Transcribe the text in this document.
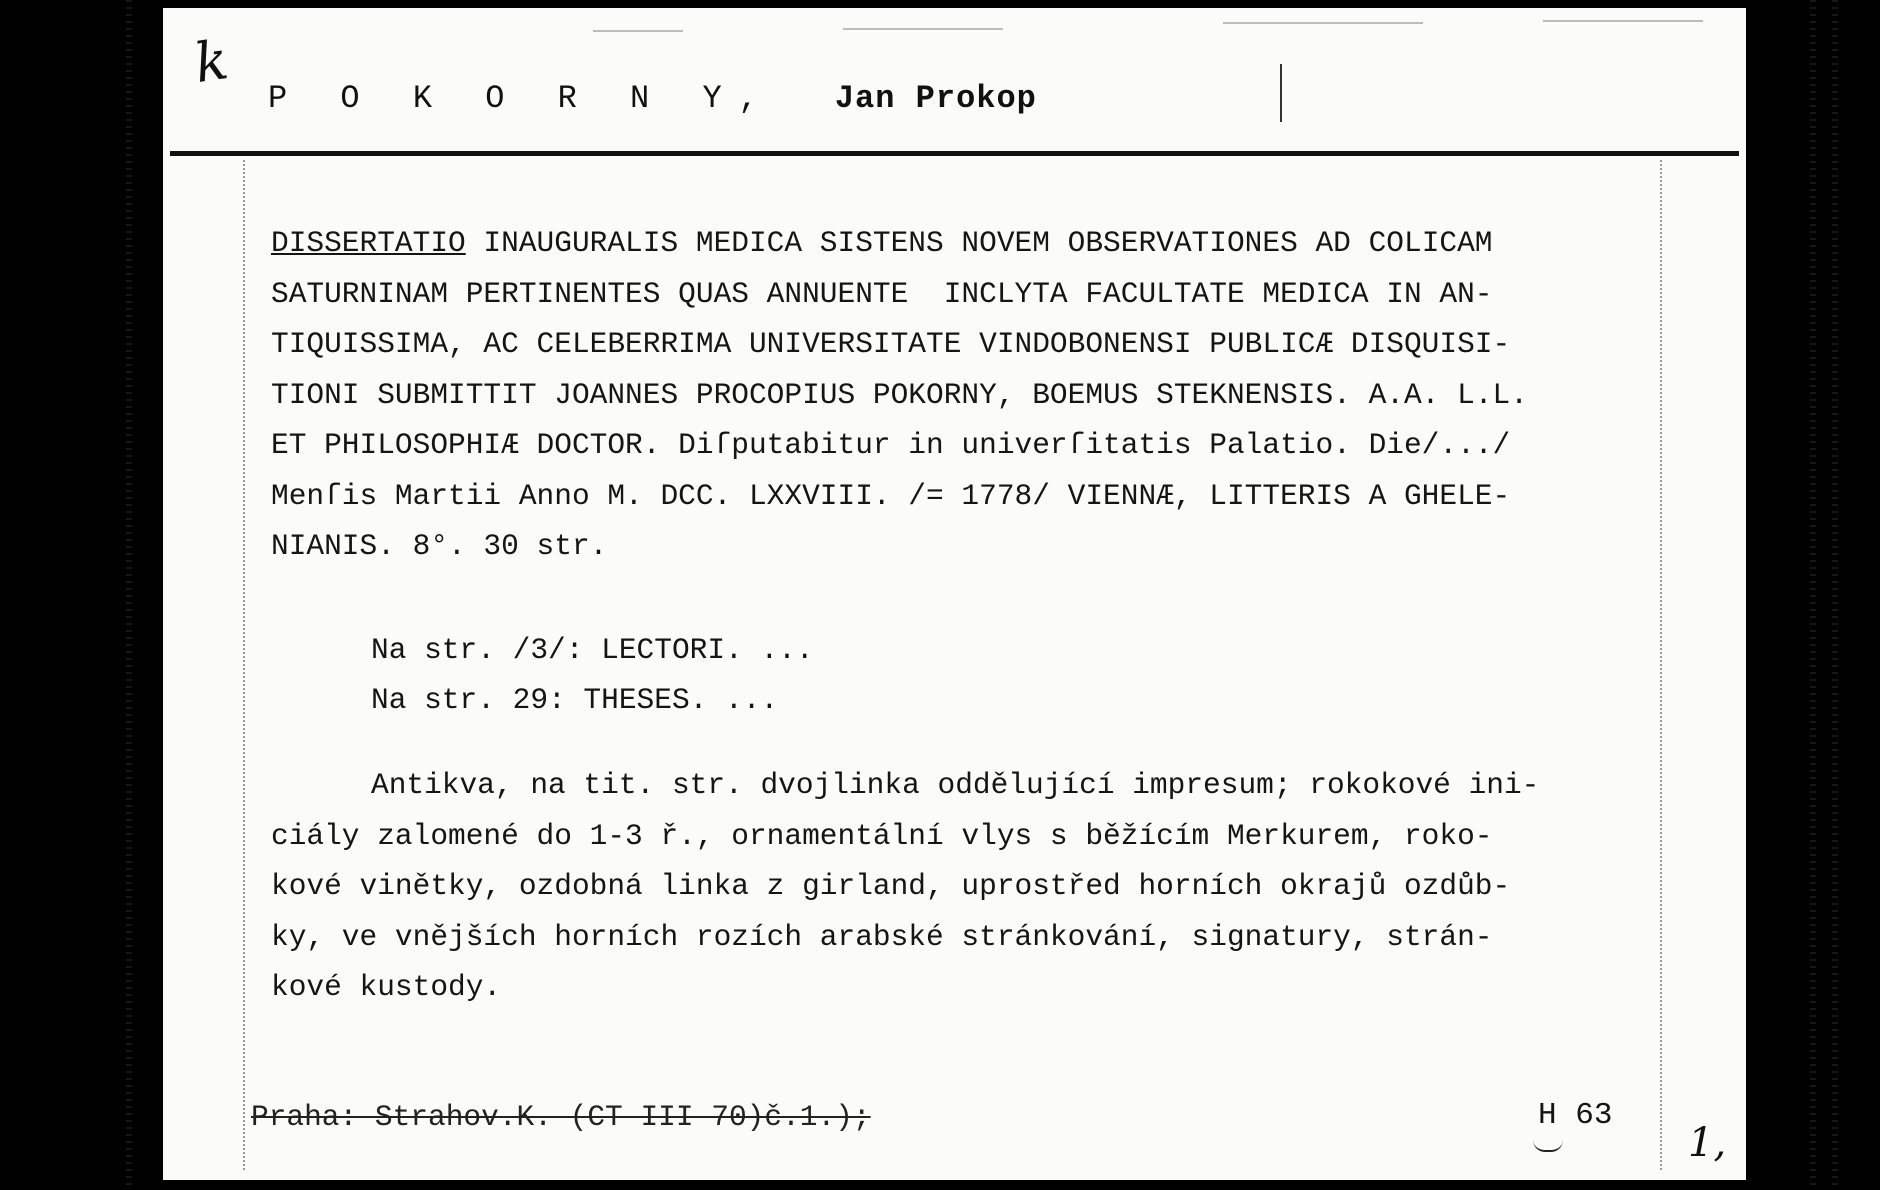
k
P O K O R N Y, Jan Prokop
DISSERTATIO INAUGURALIS MEDICA SISTENS NOVEM OBSERVATIONES AD COLICAM
SATURNINAM PERTINENTES QUAS ANNUENTE  INCLYTA FACULTATE MEDICA IN AN-
TIQUISSIMA, AC CELEBERRIMA UNIVERSITATE VINDOBONENSI PUBLICÆ DISQUISI-
TIONI SUBMITTIT JOANNES PROCOPIUS POKORNY, BOEMUS STEKNENSIS. A.A. L.L.
ET PHILOSOPHIÆ DOCTOR. Diſputabitur in univerſitatis Palatio. Die/.../
Menſis Martii Anno M. DCC. LXXVIII. /= 1778/ VIENNÆ, LITTERIS A GHELE-
NIANIS. 8°. 30 str.
Na str. /3/: LECTORI. ...
Na str. 29: THESES. ...
Antikva, na tit. str. dvojlinka oddělující impresum; rokokové ini-
ciály zalomené do 1-3 ř., ornamentální vlys s běžícím Merkurem, roko-
kové vinětky, ozdobná linka z girland, uprostřed horních okrajů ozdůb-
ky, ve vnějších horních rozích arabské stránkování, signatury, strán-
kové kustody.
Praha: Strahov.K. (CT III 70)č.1.);	H 63
1,
